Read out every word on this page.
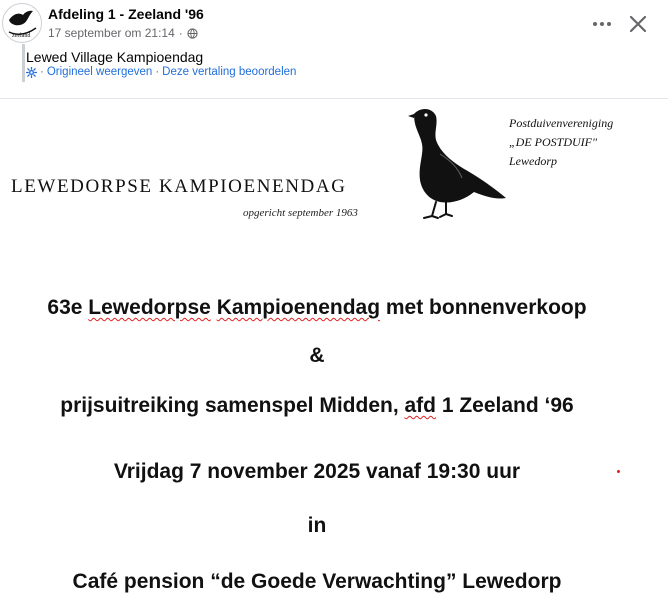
zeeland
Afdeling 1 - Zeeland '96
17 september om 21:14 ·
Lewed Village Kampioendag
· Origineel weergeven · Deze vertaling beoordelen
LEWEDORPSE KAMPIOENENDAG
opgericht september 1963
Postduivenvereniging
„DE POSTDUIF"
Lewedorp
63e Lewedorpse Kampioenendag met bonnenverkoop
&
prijsuitreiking samenspel Midden, afd 1 Zeeland ‘96
Vrijdag 7 november 2025 vanaf 19:30 uur
in
Café pension “de Goede Verwachting” Lewedorp
